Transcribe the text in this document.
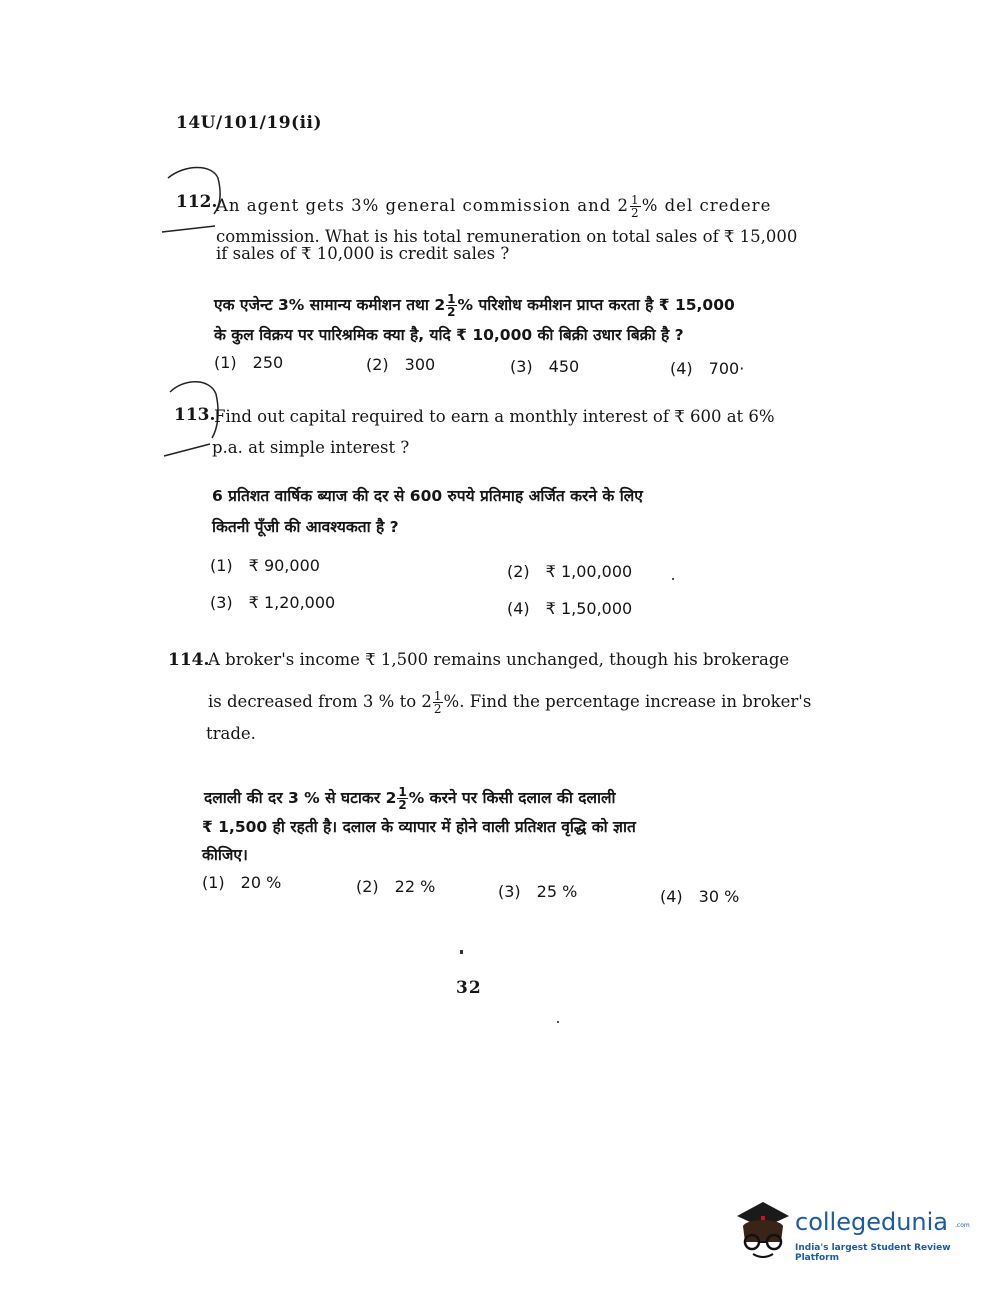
14U/101/19(ii)
112.
An agent gets 3% general commission and $2 \frac{1}{2}$ % del credere
commission. What is his total remuneration on total sales of ₹ 15,000
if sales of ₹ 10,000 is credit sales ?
एक एजेन्ट 3% सामान्य कमीशन तथा $2 \frac{1}{2}$ % परिशोध कमीशन प्राप्त करता है ₹ 15,000
के कुल विक्रय पर पारिश्रमिक क्या है, यदि ₹ 10,000 की बिक्री उधार बिक्री है ?
(1) 250	(2) 300	(3) 450	(4) 700·
113.
Find out capital required to earn a monthly interest of ₹ 600 at 6%
p.a. at simple interest ?
6 प्रतिशत वार्षिक ब्याज की दर से 600 रुपये प्रतिमाह अर्जित करने के लिए
कितनी पूँजी की आवश्यकता है ?
(1) ₹ 90,000	(2) ₹ 1,00,000
(3) ₹ 1,20,000	(4) ₹ 1,50,000
114.
A broker's income ₹ 1,500 remains unchanged, though his brokerage
is decreased from 3 % to $2 \frac{1}{2}$ %. Find the percentage increase in broker's
trade.
दलाली की दर 3 % से घटाकर $2 \frac{1}{2}$ % करने पर किसी दलाल की दलाली
₹ 1,500 ही रहती है। दलाल के व्यापार में होने वाली प्रतिशत वृद्धि को ज्ञात
कीजिए।
(1) 20 %	(2) 22 %	(3) 25 %	(4) 30 %
32
collegedunia .com
India's largest Student Review Platform
